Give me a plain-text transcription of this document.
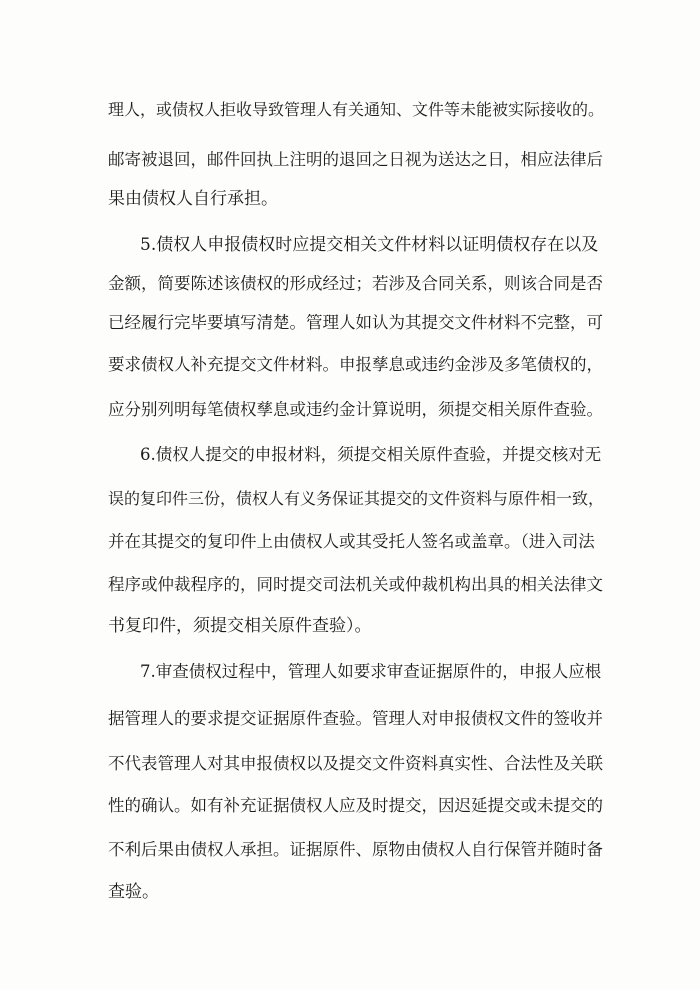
理人，或债权人拒收导致管理人有关通知、文件等未能被实际接收的。
邮寄被退回，邮件回执上注明的退回之日视为送达之日，相应法律后
果由债权人自行承担。
5.债权人申报债权时应提交相关文件材料以证明债权存在以及
金额，简要陈述该债权的形成经过；若涉及合同关系，则该合同是否
已经履行完毕要填写清楚。管理人如认为其提交文件材料不完整，可
要求债权人补充提交文件材料。申报孳息或违约金涉及多笔债权的，
应分别列明每笔债权孳息或违约金计算说明，须提交相关原件查验。
6.债权人提交的申报材料，须提交相关原件查验，并提交核对无
误的复印件三份，债权人有义务保证其提交的文件资料与原件相一致，
并在其提交的复印件上由债权人或其受托人签名或盖章。（进入司法
程序或仲裁程序的，同时提交司法机关或仲裁机构出具的相关法律文
书复印件，须提交相关原件查验）。
7.审查债权过程中，管理人如要求审查证据原件的，申报人应根
据管理人的要求提交证据原件查验。管理人对申报债权文件的签收并
不代表管理人对其申报债权以及提交文件资料真实性、合法性及关联
性的确认。如有补充证据债权人应及时提交，因迟延提交或未提交的
不利后果由债权人承担。证据原件、原物由债权人自行保管并随时备
查验。
